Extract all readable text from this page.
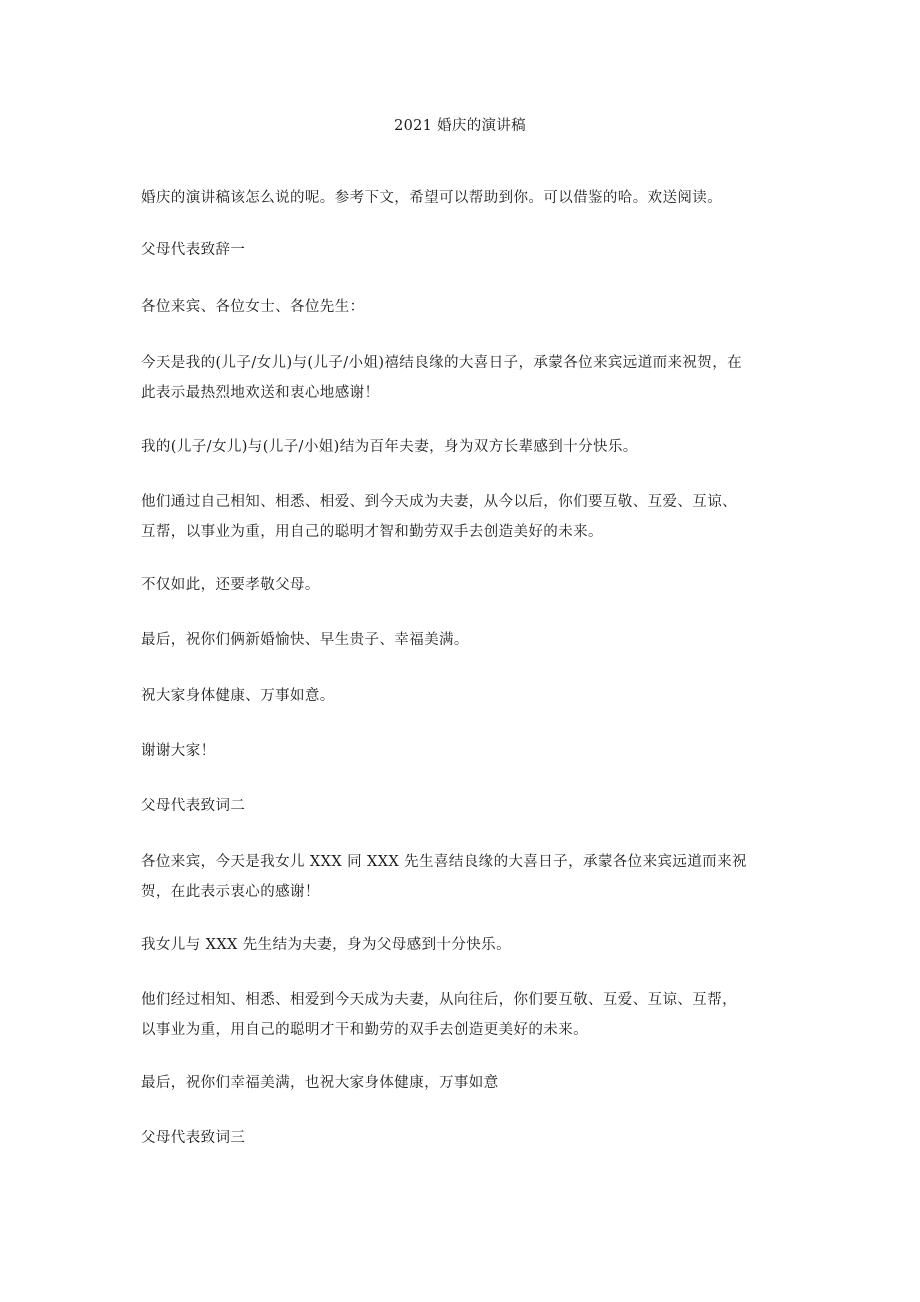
2021 婚庆的演讲稿

婚庆的演讲稿该怎么说的呢。参考下文，希望可以帮助到你。可以借鉴的哈。欢送阅读。

父母代表致辞一

各位来宾、各位女士、各位先生：

今天是我的(儿子/女儿)与(儿子/小姐)禧结良缘的大喜日子，承蒙各位来宾远道而来祝贺，在
此表示最热烈地欢送和衷心地感谢！

我的(儿子/女儿)与(儿子/小姐)结为百年夫妻，身为双方长辈感到十分快乐。

他们通过自己相知、相悉、相爱、到今天成为夫妻，从今以后，你们要互敬、互爱、互谅、
互帮，以事业为重，用自己的聪明才智和勤劳双手去创造美好的未来。

不仅如此，还要孝敬父母。

最后，祝你们俩新婚愉快、早生贵子、幸福美满。

祝大家身体健康、万事如意。

谢谢大家！

父母代表致词二

各位来宾，今天是我女儿 XXX 同 XXX 先生喜结良缘的大喜日子，承蒙各位来宾远道而来祝
贺，在此表示衷心的感谢！

我女儿与 XXX 先生结为夫妻，身为父母感到十分快乐。

他们经过相知、相悉、相爱到今天成为夫妻，从向往后，你们要互敬、互爱、互谅、互帮，
以事业为重，用自己的聪明才干和勤劳的双手去创造更美好的未来。

最后，祝你们幸福美满，也祝大家身体健康，万事如意

父母代表致词三
